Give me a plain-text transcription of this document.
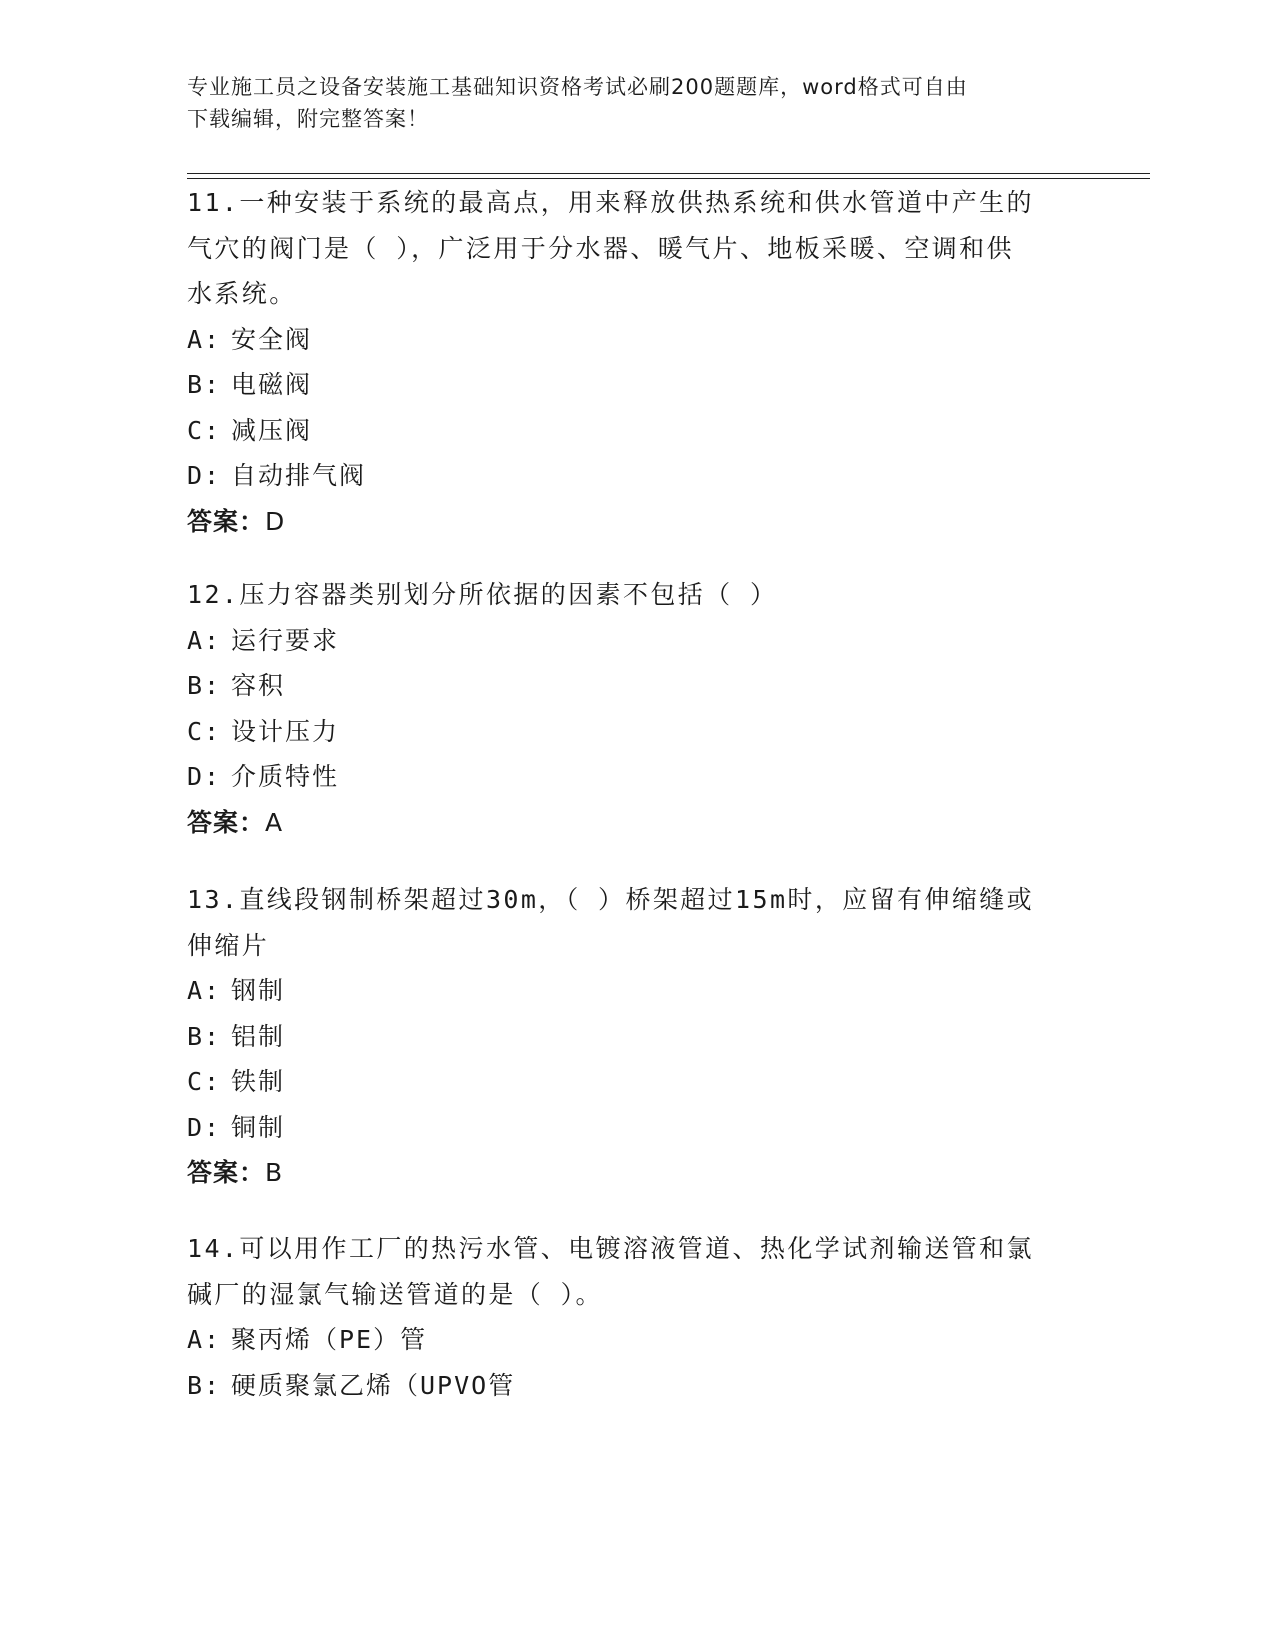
专业施工员之设备安装施工基础知识资格考试必刷200题题库，word格式可自由
下载编辑，附完整答案！
11.一种安装于系统的最高点，用来释放供热系统和供水管道中产生的
气穴的阀门是（ ），广泛用于分水器、暖气片、地板采暖、空调和供
水系统。
A: 安全阀
B: 电磁阀
C: 减压阀
D: 自动排气阀
答案：D
12.压力容器类别划分所依据的因素不包括（ ）
A: 运行要求
B: 容积
C: 设计压力
D: 介质特性
答案：A
13.直线段钢制桥架超过30m，（ ）桥架超过15m时，应留有伸缩缝或
伸缩片
A: 钢制
B: 铝制
C: 铁制
D: 铜制
答案：B
14.可以用作工厂的热污水管、电镀溶液管道、热化学试剂输送管和氯
碱厂的湿氯气输送管道的是（ ）。
A: 聚丙烯（PE）管
B: 硬质聚氯乙烯（UPVO管
